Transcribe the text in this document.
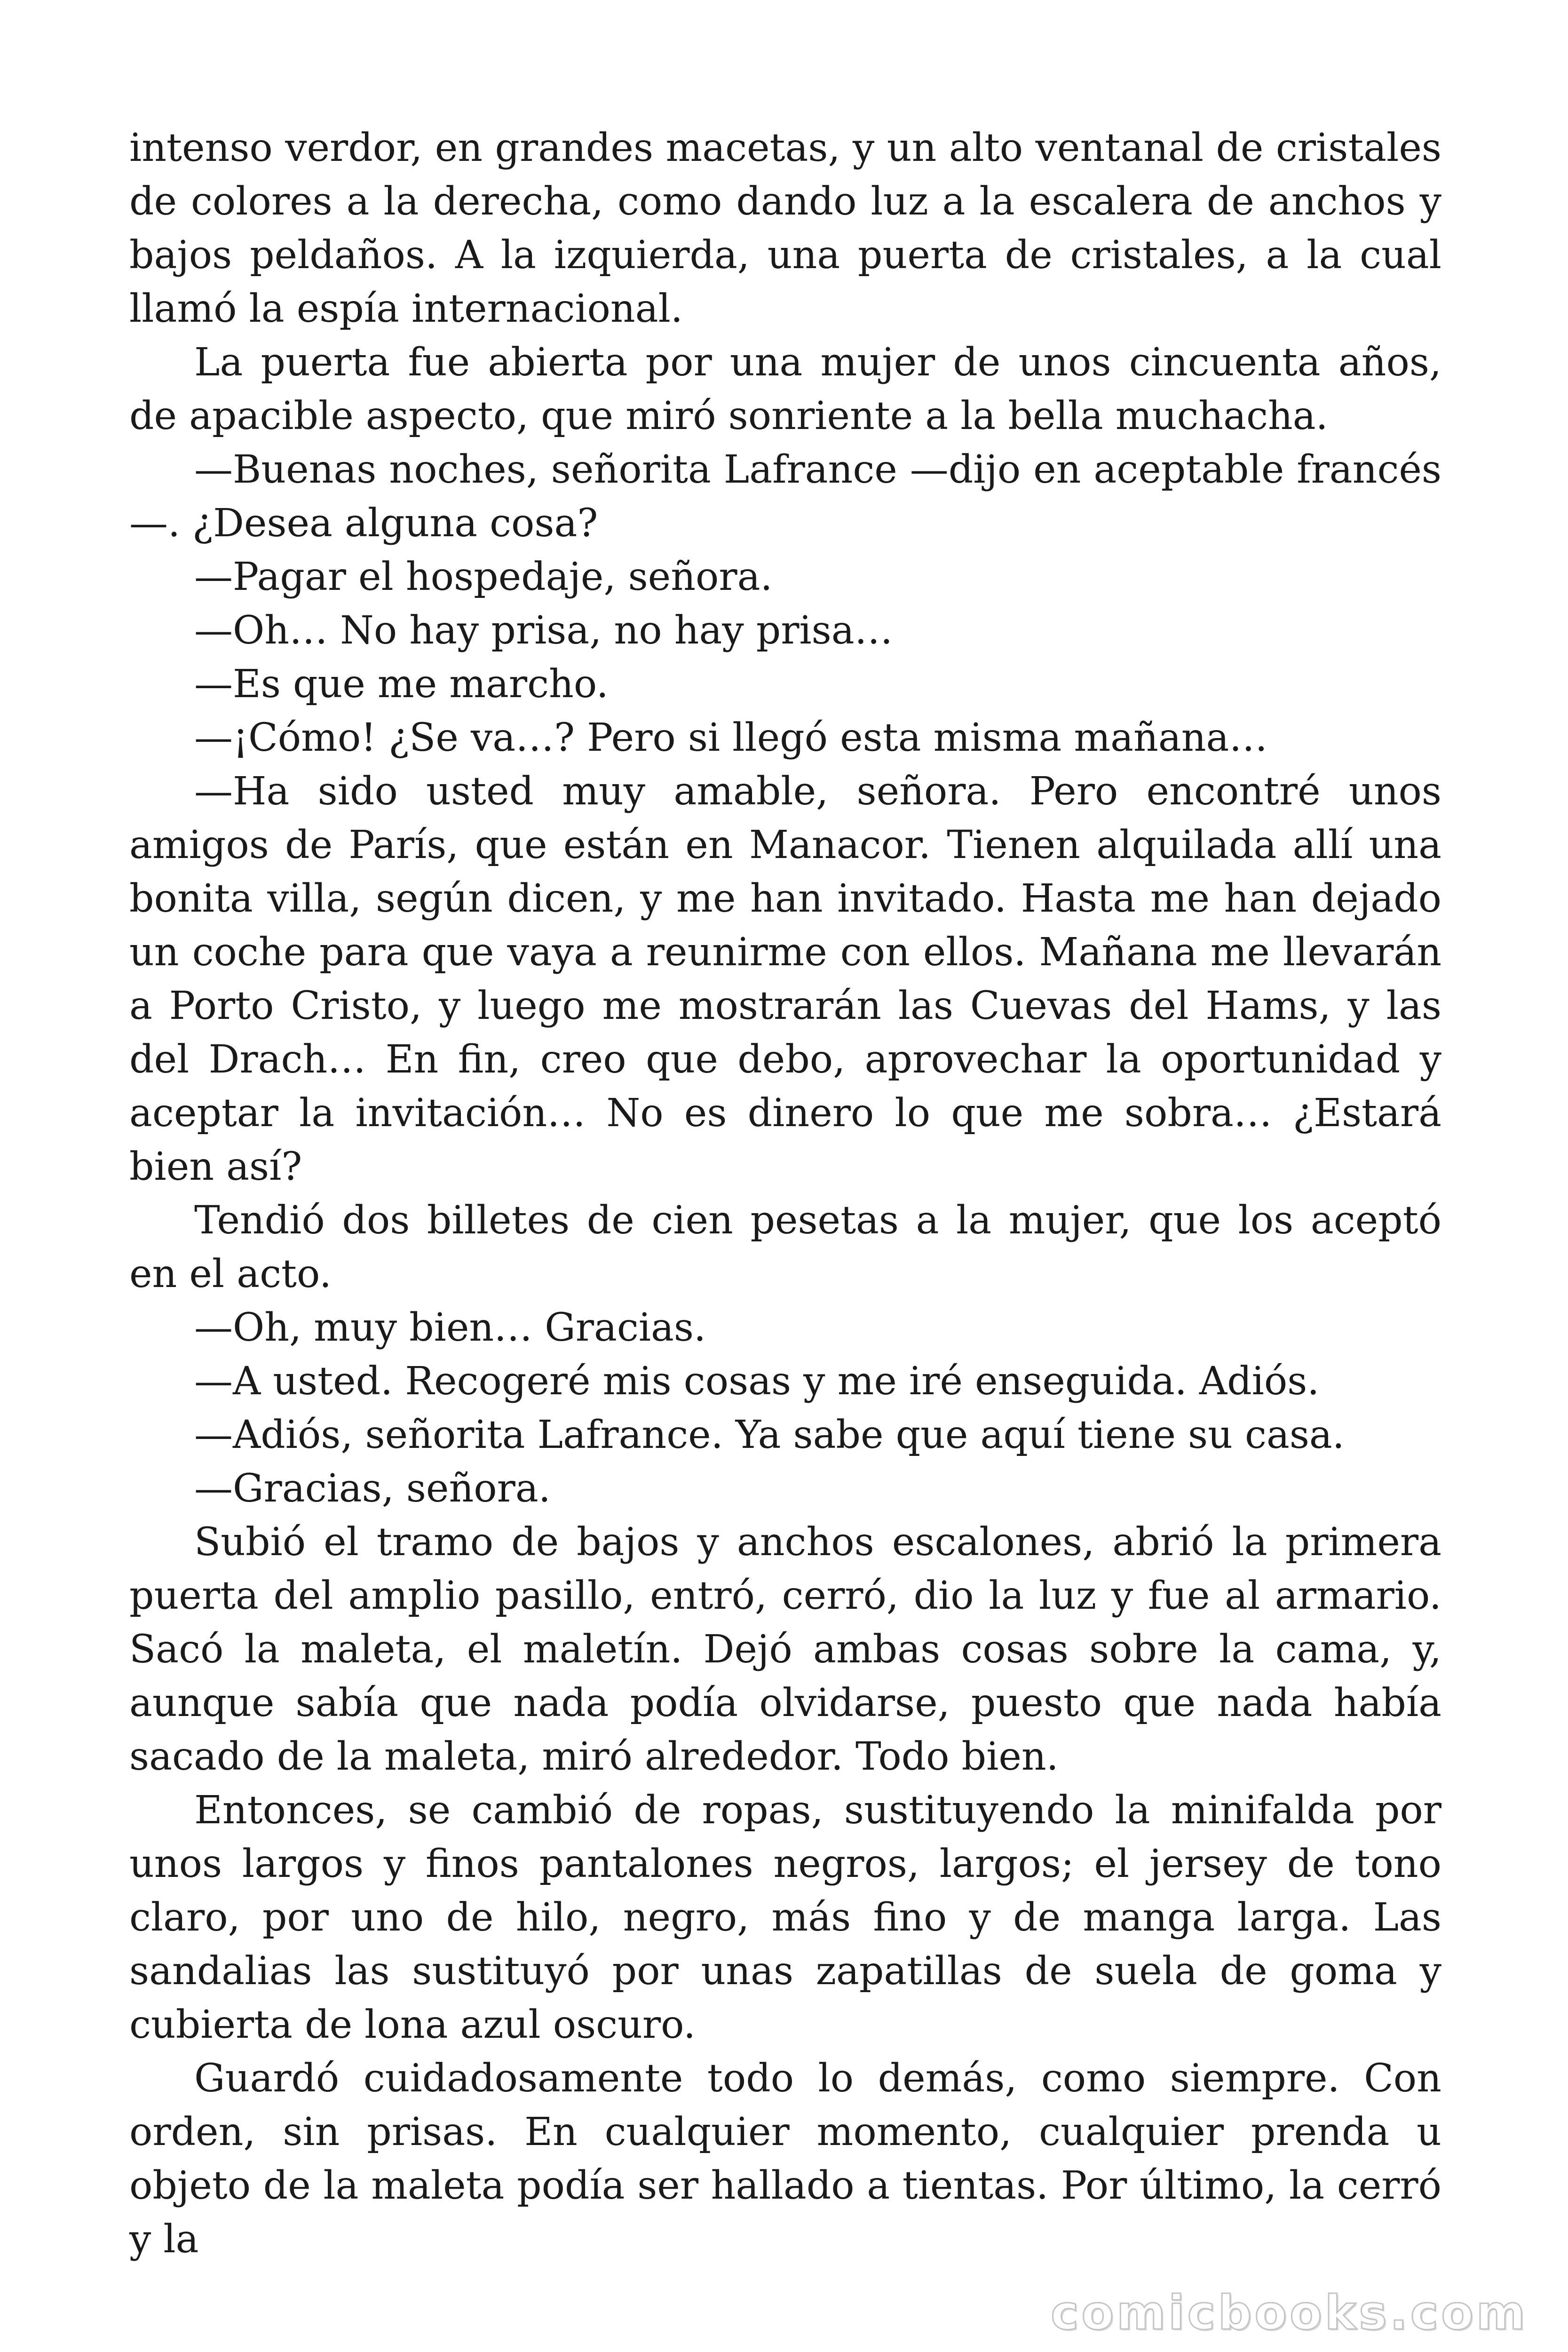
intenso verdor, en grandes macetas, y un alto ventanal de cristales de colores a la derecha, como dando luz a la escalera de anchos y bajos peldaños. A la izquierda, una puerta de cristales, a la cual llamó la espía internacional.

La puerta fue abierta por una mujer de unos cincuenta años, de apacible aspecto, que miró sonriente a la bella muchacha.

—Buenas noches, señorita Lafrance —dijo en aceptable francés —. ¿Desea alguna cosa?

—Pagar el hospedaje, señora.

—Oh… No hay prisa, no hay prisa…

—Es que me marcho.

—¡Cómo! ¿Se va…? Pero si llegó esta misma mañana…

—Ha sido usted muy amable, señora. Pero encontré unos amigos de París, que están en Manacor. Tienen alquilada allí una bonita villa, según dicen, y me han invitado. Hasta me han dejado un coche para que vaya a reunirme con ellos. Mañana me llevarán a Porto Cristo, y luego me mostrarán las Cuevas del Hams, y las del Drach… En fin, creo que debo, aprovechar la oportunidad y aceptar la invitación… No es dinero lo que me sobra… ¿Estará bien así?

Tendió dos billetes de cien pesetas a la mujer, que los aceptó en el acto.

—Oh, muy bien… Gracias.

—A usted. Recogeré mis cosas y me iré enseguida. Adiós.

—Adiós, señorita Lafrance. Ya sabe que aquí tiene su casa.

—Gracias, señora.

Subió el tramo de bajos y anchos escalones, abrió la primera puerta del amplio pasillo, entró, cerró, dio la luz y fue al armario. Sacó la maleta, el maletín. Dejó ambas cosas sobre la cama, y, aunque sabía que nada podía olvidarse, puesto que nada había sacado de la maleta, miró alrededor. Todo bien.

Entonces, se cambió de ropas, sustituyendo la minifalda por unos largos y finos pantalones negros, largos; el jersey de tono claro, por uno de hilo, negro, más fino y de manga larga. Las sandalias las sustituyó por unas zapatillas de suela de goma y cubierta de lona azul oscuro.

Guardó cuidadosamente todo lo demás, como siempre. Con orden, sin prisas. En cualquier momento, cualquier prenda u objeto de la maleta podía ser hallado a tientas. Por último, la cerró y la

comicbooks.com
